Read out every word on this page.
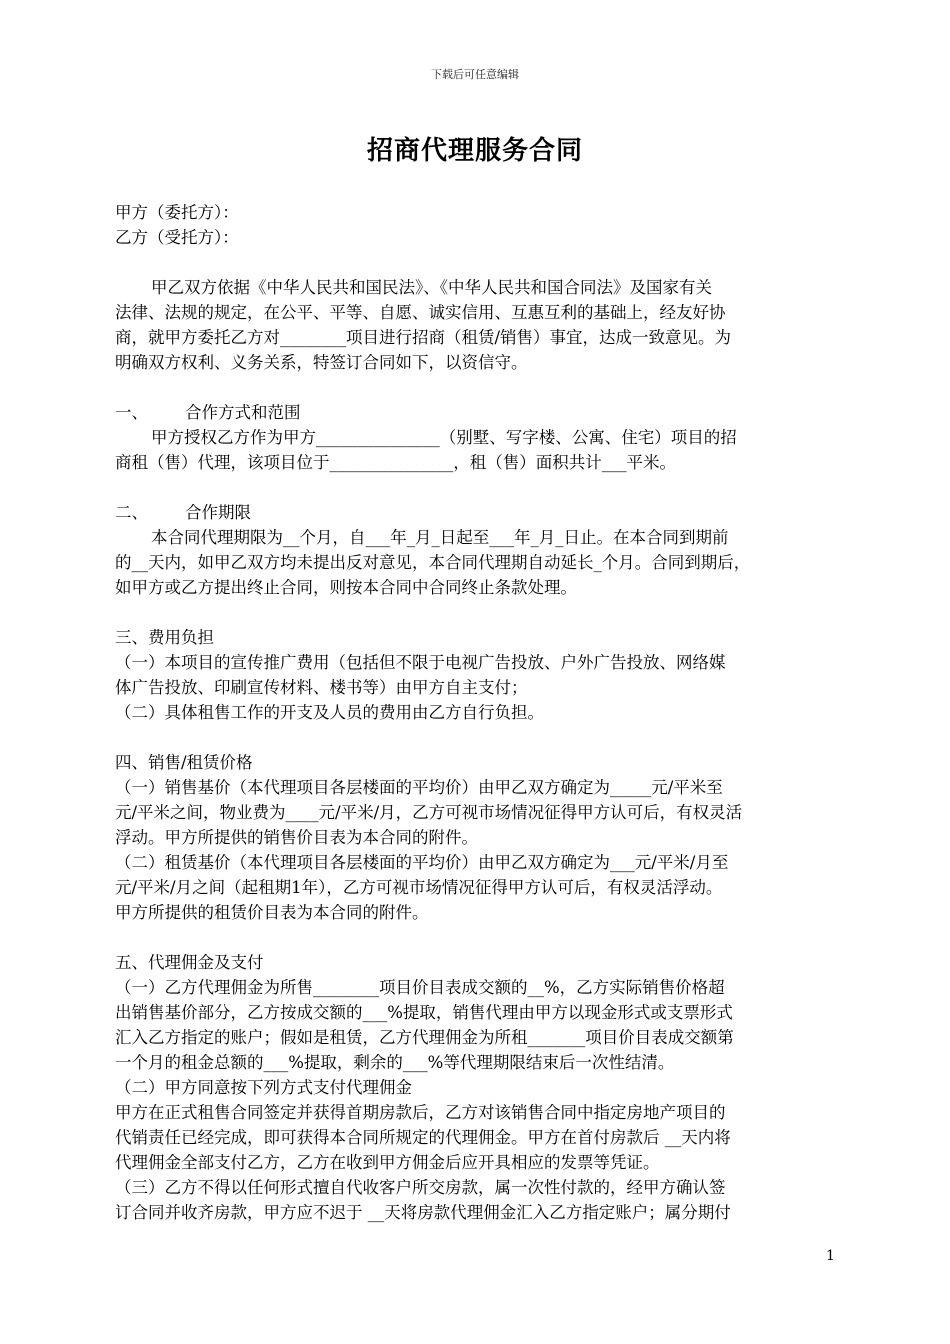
下载后可任意编辑
招商代理服务合同
甲方（委托方）：
乙方（受托方）：
甲乙双方依据《中华人民共和国民法》、《中华人民共和国合同法》及国家有关
法律、法规的规定，在公平、平等、自愿、诚实信用、互惠互利的基础上，经友好协
商，就甲方委托乙方对________项目进行招商（租赁/销售）事宜，达成一致意见。为
明确双方权利、义务关系，特签订合同如下，以资信守。
一、 合作方式和范围
甲方授权乙方作为甲方_______________（别墅、写字楼、公寓、住宅）项目的招
商租（售）代理，该项目位于_______________，租（售）面积共计___平米。
二、 合作期限
本合同代理期限为__个月，自___年_月_日起至___年_月_日止。在本合同到期前
的__天内，如甲乙双方均未提出反对意见，本合同代理期自动延长_个月。合同到期后，
如甲方或乙方提出终止合同，则按本合同中合同终止条款处理。
三、费用负担
（一）本项目的宣传推广费用（包括但不限于电视广告投放、户外广告投放、网络媒
体广告投放、印刷宣传材料、楼书等）由甲方自主支付；
（二）具体租售工作的开支及人员的费用由乙方自行负担。
四、销售/租赁价格
（一）销售基价（本代理项目各层楼面的平均价）由甲乙双方确定为_____元/平米至
元/平米之间，物业费为____元/平米/月，乙方可视市场情况征得甲方认可后，有权灵活
浮动。甲方所提供的销售价目表为本合同的附件。
（二）租赁基价（本代理项目各层楼面的平均价）由甲乙双方确定为___元/平米/月至
元/平米/月之间（起租期1年），乙方可视市场情况征得甲方认可后，有权灵活浮动。
甲方所提供的租赁价目表为本合同的附件。
五、代理佣金及支付
（一）乙方代理佣金为所售________项目价目表成交额的__%，乙方实际销售价格超
出销售基价部分，乙方按成交额的___%提取，销售代理由甲方以现金形式或支票形式
汇入乙方指定的账户；假如是租赁，乙方代理佣金为所租_______项目价目表成交额第
一个月的租金总额的___%提取，剩余的___%等代理期限结束后一次性结清。
（二）甲方同意按下列方式支付代理佣金
甲方在正式租售合同签定并获得首期房款后，乙方对该销售合同中指定房地产项目的
代销责任已经完成，即可获得本合同所规定的代理佣金。甲方在首付房款后 __天内将
代理佣金全部支付乙方，乙方在收到甲方佣金后应开具相应的发票等凭证。
（三）乙方不得以任何形式擅自代收客户所交房款，属一次性付款的，经甲方确认签
订合同并收齐房款，甲方应不迟于 __天将房款代理佣金汇入乙方指定账户；属分期付
1
